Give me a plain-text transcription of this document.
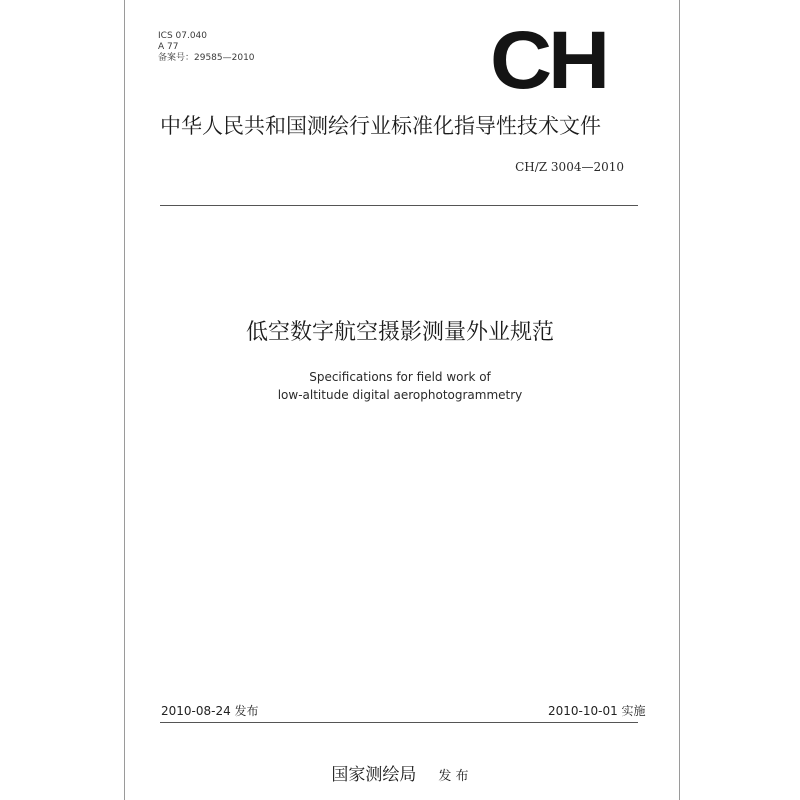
ICS 07.040
A 77
备案号：29585—2010	CH
中华人民共和国测绘行业标准化指导性技术文件
CH/Z 3004—2010
低空数字航空摄影测量外业规范
Specifications for field work of
low-altitude digital aerophotogrammetry
2010-08-24 发布	2010-10-01 实施
国家测绘局 发 布
